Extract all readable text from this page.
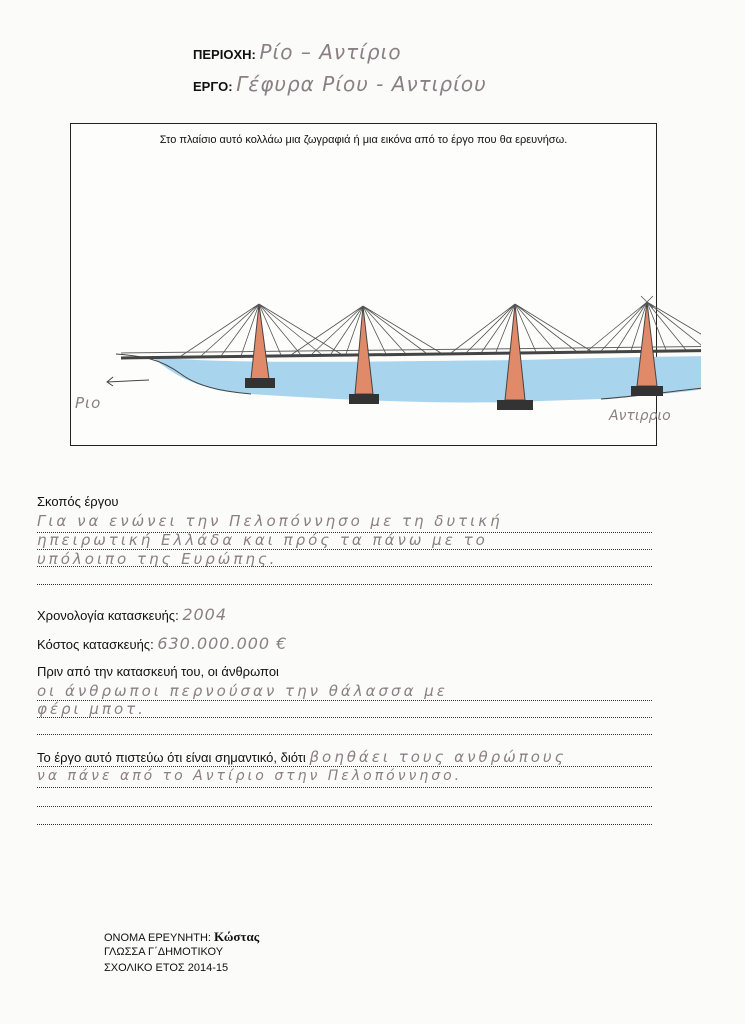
ΠΕΡΙΟΧΗ: Ρίο – Αντίριο
ΕΡΓΟ: Γέφυρα Ρίου - Αντιρίου
Στο πλαίσιο αυτό κολλάω μια ζωγραφιά ή μια εικόνα από το έργο που θα ερευνήσω.
Ριο
Αντιρριο
Σκοπός έργου
Για να ενώνει την Πελοπόννησο με τη δυτική
ηπειρωτική Ελλάδα και πρός τα πάνω με το
υπόλοιπο της Ευρώπης.
Χρονολογία κατασκευής: 2004
Κόστος κατασκευής: 630.000.000 €
Πριν από την κατασκευή του, οι άνθρωποι
οι άνθρωποι περνούσαν την θάλασσα με
φέρι μποτ.
Το έργο αυτό πιστεύω ότι είναι σημαντικό, διότι βοηθάει τους ανθρώπους
να πάνε από το Αντίριο στην Πελοπόννησο.
ΟΝΟΜΑ ΕΡΕΥΝΗΤΗ: Κώστας
ΓΛΩΣΣΑ Γ΄ΔΗΜΟΤΙΚΟΥ
ΣΧΟΛΙΚΟ ΕΤΟΣ 2014-15
